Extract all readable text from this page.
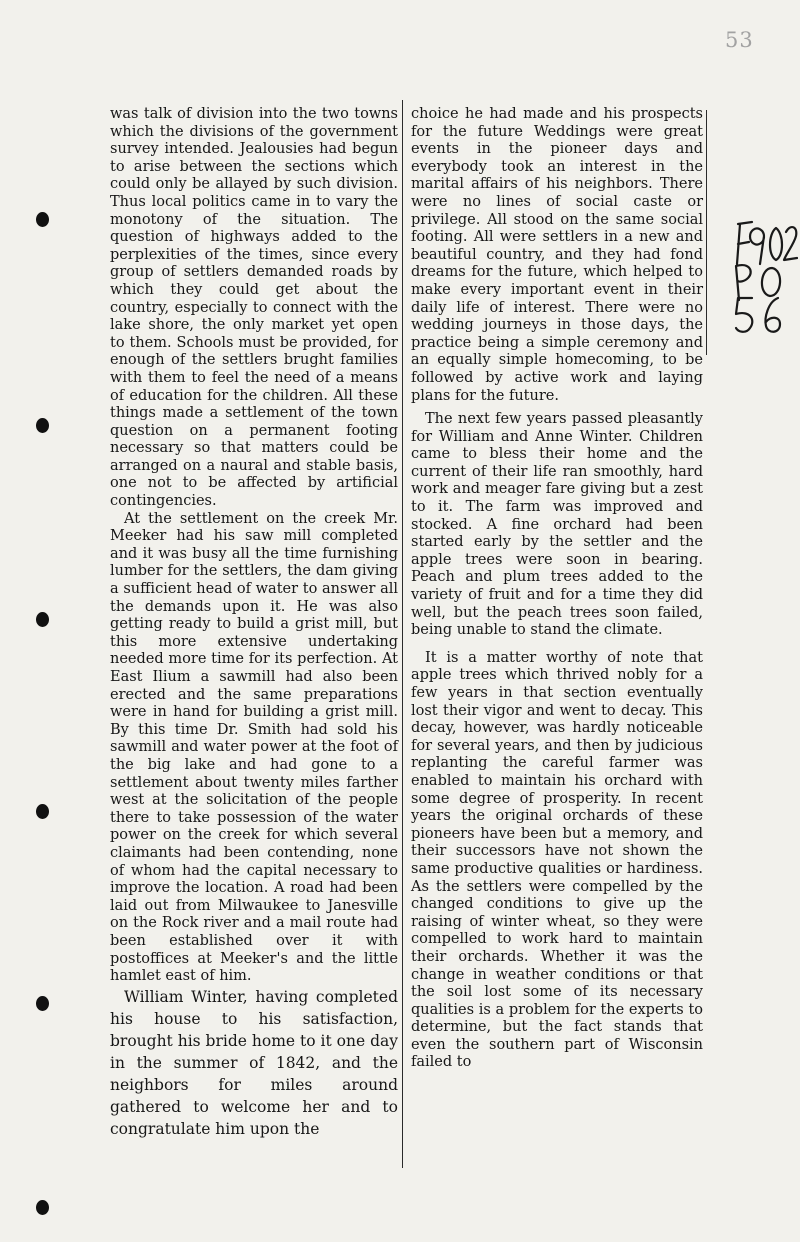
53

was talk of division into the two towns which the divisions of the government survey intended. Jealousies had begun to arise between the sections which could only be allayed by such division. Thus local politics came in to vary the monotony of the situation. The question of highways added to the perplexities of the times, since every group of settlers demanded roads by which they could get about the country, especially to connect with the lake shore, the only market yet open to them. Schools must be provided, for enough of the settlers brught families with them to feel the need of a means of education for the children. All these things made a settlement of the town question on a permanent footing necessary so that matters could be arranged on a naural and stable basis, one not to be affected by artificial contingencies.

At the settlement on the creek Mr. Meeker had his saw mill completed and it was busy all the time furnishing lumber for the settlers, the dam giving a sufficient head of water to answer all the demands upon it. He was also getting ready to build a grist mill, but this more extensive undertaking needed more time for its perfection. At East Ilium a sawmill had also been erected and the same preparations were in hand for building a grist mill. By this time Dr. Smith had sold his sawmill and water power at the foot of the big lake and had gone to a settlement about twenty miles farther west at the solicitation of the people there to take possession of the water power on the creek for which several claimants had been contending, none of whom had the capital necessary to improve the location. A road had been laid out from Milwaukee to Janesville on the Rock river and a mail route had been established over it with postoffices at Meeker's and the little hamlet east of him.

William Winter, having completed his house to his satisfaction, brought his bride home to it one day in the summer of 1842, and the neighbors for miles around gathered to welcome her and to congratulate him upon the

choice he had made and his prospects for the future Weddings were great events in the pioneer days and everybody took an interest in the marital affairs of his neighbors. There were no lines of social caste or privilege. All stood on the same social footing. All were settlers in a new and beautiful country, and they had fond dreams for the future, which helped to make every important event in their daily life of interest. There were no wedding journeys in those days, the practice being a simple ceremony and an equally simple homecoming, to be followed by active work and laying plans for the future.

The next few years passed pleasantly for William and Anne Winter. Children came to bless their home and the current of their life ran smoothly, hard work and meager fare giving but a zest to it. The farm was improved and stocked. A fine orchard had been started early by the settler and the apple trees were soon in bearing. Peach and plum trees added to the variety of fruit and for a time they did well, but the peach trees soon failed, being unable to stand the climate.

It is a matter worthy of note that apple trees which thrived nobly for a few years in that section eventually lost their vigor and went to decay. This decay, however, was hardly noticeable for several years, and then by judicious replanting the careful farmer was enabled to maintain his orchard with some degree of prosperity. In recent years the original orchards of these pioneers have been but a memory, and their successors have not shown the same productive qualities or hardiness. As the settlers were compelled by the changed conditions to give up the raising of winter wheat, so they were compelled to work hard to maintain their orchards. Whether it was the change in weather conditions or that the soil lost some of its necessary qualities is a problem for the experts to determine, but the fact stands that even the southern part of Wisconsin failed to
